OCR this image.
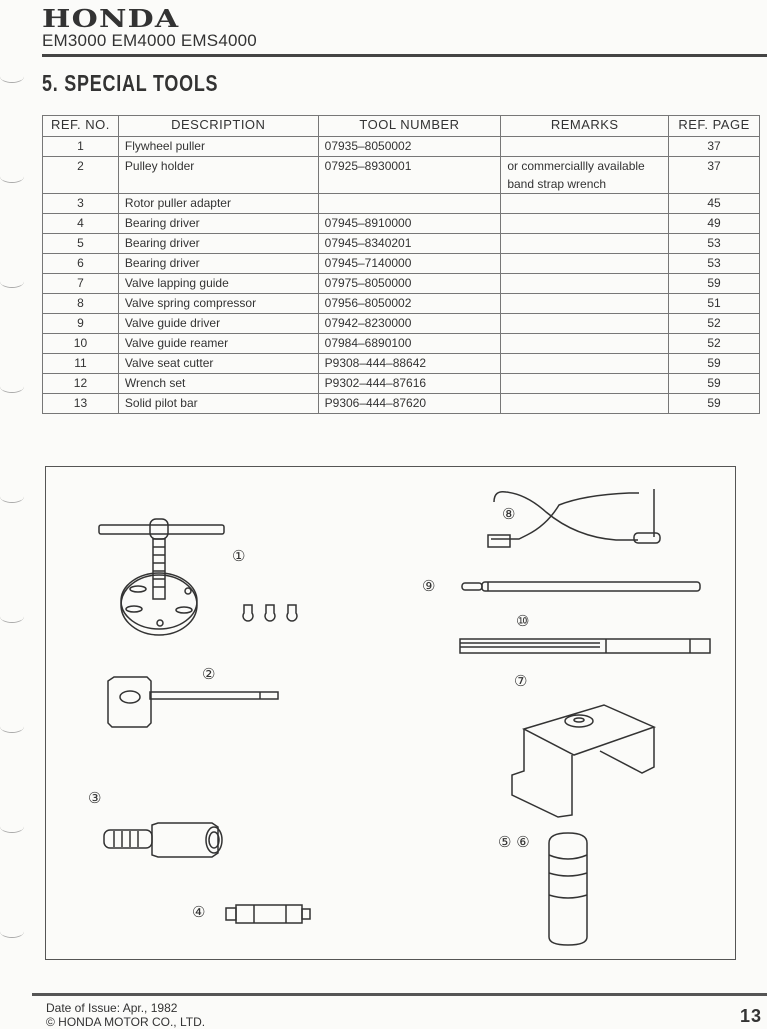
HONDA
EM3000 EM4000 EMS4000
5. SPECIAL TOOLS
REF. NO.	DESCRIPTION	TOOL NUMBER	REMARKS	REF. PAGE
1	Flywheel puller	07935–8050002		37
2	Pulley holder	07925–8930001	or commerciallly available band strap wrench	37
3	Rotor puller adapter			45
4	Bearing driver	07945–8910000		49
5	Bearing driver	07945–8340201		53
6	Bearing driver	07945–7140000		53
7	Valve lapping guide	07975–8050000		59
8	Valve spring compressor	07956–8050002		51
9	Valve guide driver	07942–8230000		52
10	Valve guide reamer	07984–6890100		52
11	Valve seat cutter	P9308–444–88642		59
12	Wrench set	P9302–444–87616		59
13	Solid pilot bar	P9306–444–87620		59
①
②
③
④
⑧
⑨
⑩
⑦
⑤ ⑥
Date of Issue: Apr., 1982
© HONDA MOTOR CO., LTD.	13
